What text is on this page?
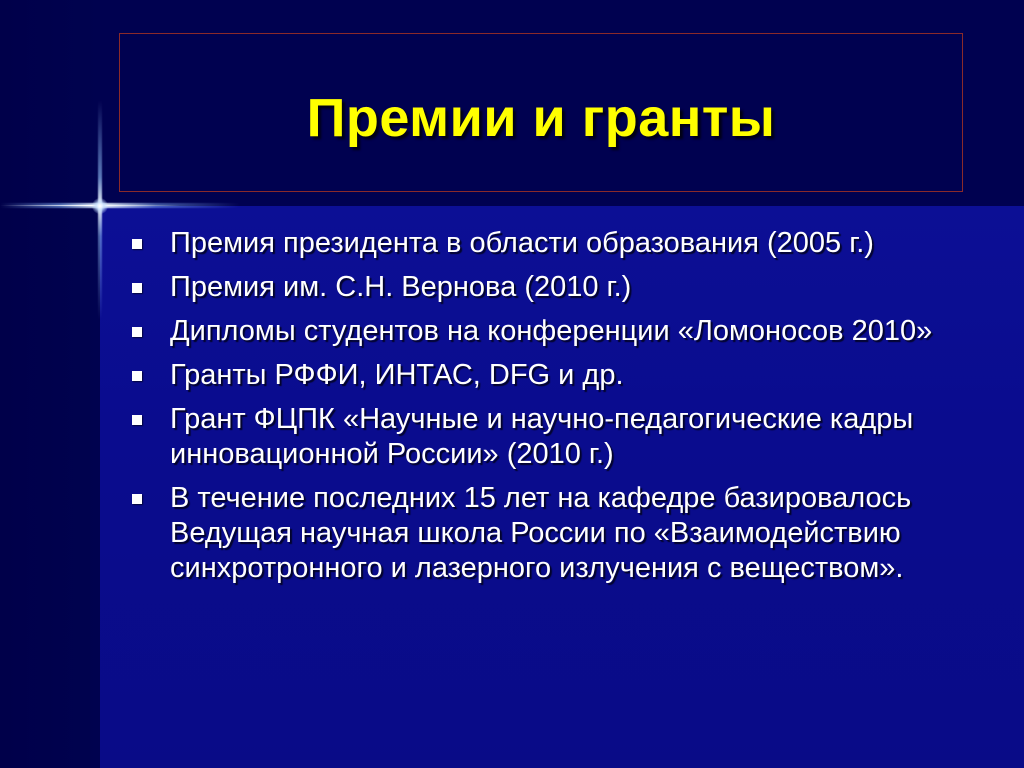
Премии и гранты
Премия президента в области образования (2005 г.)
Премия им. С.Н. Вернова (2010 г.)
Дипломы студентов на конференции «Ломоносов 2010»
Гранты РФФИ, ИНТАС, DFG и др.
Грант ФЦПК «Научные и научно-педагогические кадры инновационной России» (2010 г.)
В течение последних 15 лет на кафедре базировалось Ведущая научная школа России по «Взаимодействию синхротронного и лазерного излучения с веществом».
